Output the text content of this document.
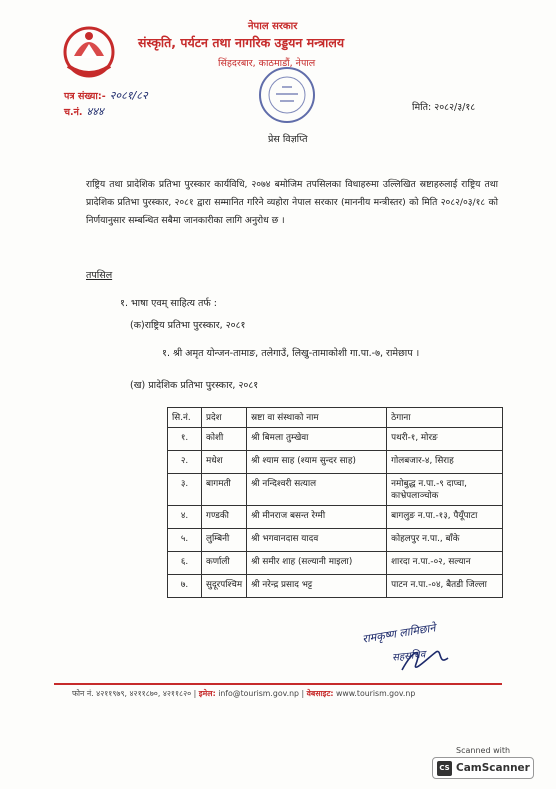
नेपाल सरकार
संस्कृति, पर्यटन तथा नागरिक उड्डयन मन्त्रालय
सिंहदरबार, काठमाडौं, नेपाल
पत्र संख्या:- २०८१/८२
च.नं. ४४४	मिति: २०८२/३/१८
प्रेस विज्ञप्ति
राष्ट्रिय तथा प्रादेशिक प्रतिभा पुरस्कार कार्यविधि, २०७४ बमोजिम तपसिलका विधाहरुमा उल्लिखित स्रष्टाहरुलाई राष्ट्रिय तथा प्रादेशिक प्रतिभा पुरस्कार, २०८१ द्वारा सम्मानित गरिने व्यहोरा नेपाल सरकार (माननीय मन्त्रीस्तर) को मिति २०८२/०३/१८ को निर्णयानुसार सम्बन्धित सबैमा जानकारीका लागि अनुरोध छ ।
तपसिल
१. भाषा एवम् साहित्य तर्फ :
(क)राष्ट्रिय प्रतिभा पुरस्कार, २०८१
१. श्री अमृत योन्जन-तामाङ, तलेगाउँ, लिखु-तामाकोशी गा.पा.-७, रामेछाप ।
(ख) प्रादेशिक प्रतिभा पुरस्कार, २०८१
सि.नं.	प्रदेश	स्रष्टा वा संस्थाको नाम	ठेगाना
१.	कोशी	श्री बिमला तुम्खेवा	पथरी-१, मोरङ
२.	मधेश	श्री श्याम साह (श्याम सुन्दर साह)	गोलबजार-४, सिराह
३.	बागमती	श्री नन्दिश्वरी सत्याल	नमोबुद्ध न.पा.-९ दाप्चा, काभ्रेपलाञ्चोक
४.	गण्डकी	श्री मीनराज बसन्त रेग्मी	बागलुङ न.पा.-१३, पैयूँपाटा
५.	लुम्बिनी	श्री भगवानदास यादव	कोहलपुर न.पा., बाँके
६.	कर्णाली	श्री समीर शाह (सल्यानी माइला)	शारदा न.पा.-०२, सल्यान
७.	सुदूरपश्चिम	श्री नरेन्द्र प्रसाद भट्ट	पाटन न.पा.-०४, बैतडी जिल्ला
रामकृष्ण लामिछाने
सहसचिव
फोन नं. ४२११९७९, ४२११८७०, ४२११८२० | इमेल: info@tourism.gov.np | वेबसाइट: www.tourism.gov.np
Scanned with
CS CamScanner
